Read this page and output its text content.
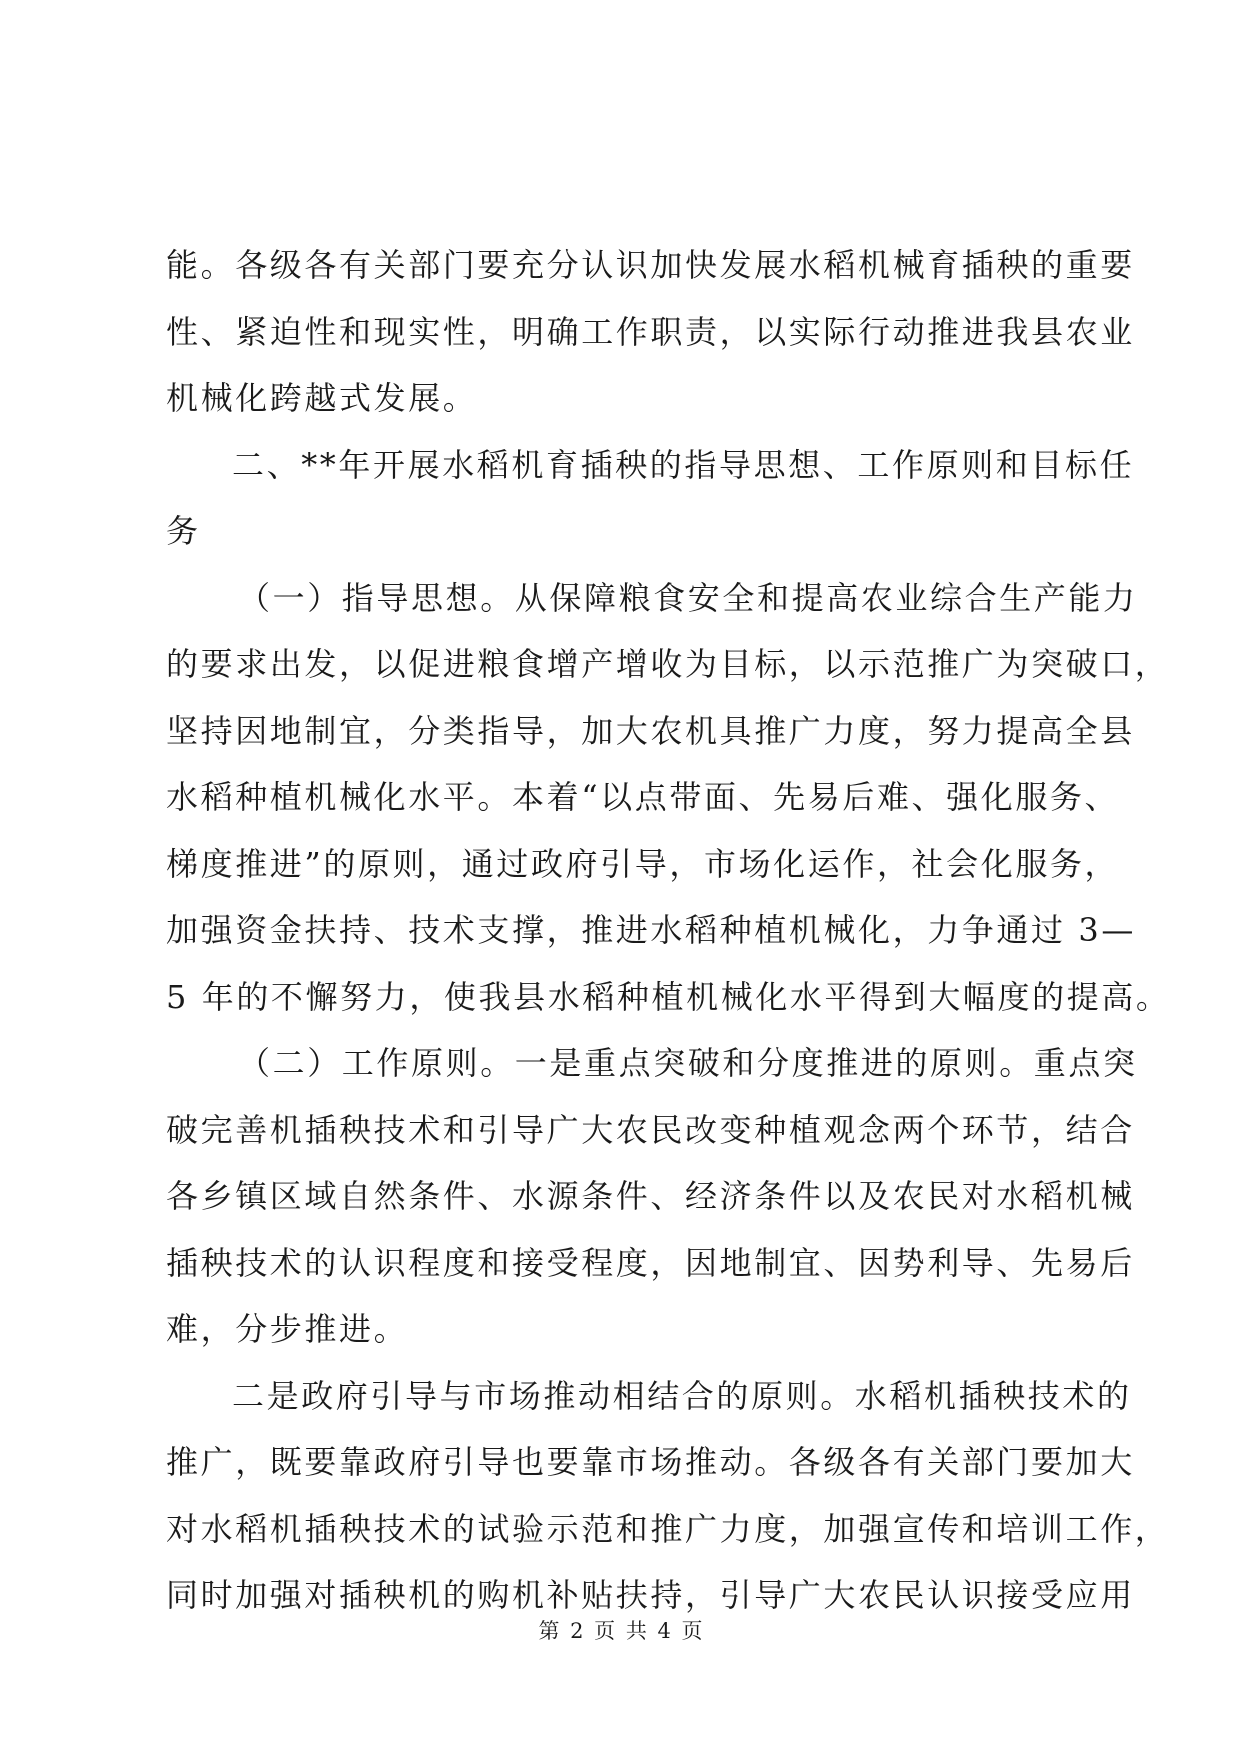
能。各级各有关部门要充分认识加快发展水稻机械育插秧的重要
性、紧迫性和现实性，明确工作职责，以实际行动推进我县农业
机械化跨越式发展。
二、**年开展水稻机育插秧的指导思想、工作原则和目标任
务
（一）指导思想。从保障粮食安全和提高农业综合生产能力
的要求出发，以促进粮食增产增收为目标，以示范推广为突破口，
坚持因地制宜，分类指导，加大农机具推广力度，努力提高全县
水稻种植机械化水平。本着“以点带面、先易后难、强化服务、
梯度推进”的原则，通过政府引导，市场化运作，社会化服务，
加强资金扶持、技术支撑，推进水稻种植机械化，力争通过 3—
5 年的不懈努力，使我县水稻种植机械化水平得到大幅度的提高。
（二）工作原则。一是重点突破和分度推进的原则。重点突
破完善机插秧技术和引导广大农民改变种植观念两个环节，结合
各乡镇区域自然条件、水源条件、经济条件以及农民对水稻机械
插秧技术的认识程度和接受程度，因地制宜、因势利导、先易后
难，分步推进。
二是政府引导与市场推动相结合的原则。水稻机插秧技术的
推广，既要靠政府引导也要靠市场推动。各级各有关部门要加大
对水稻机插秧技术的试验示范和推广力度，加强宣传和培训工作，
同时加强对插秧机的购机补贴扶持，引导广大农民认识接受应用
第 2 页 共 4 页
